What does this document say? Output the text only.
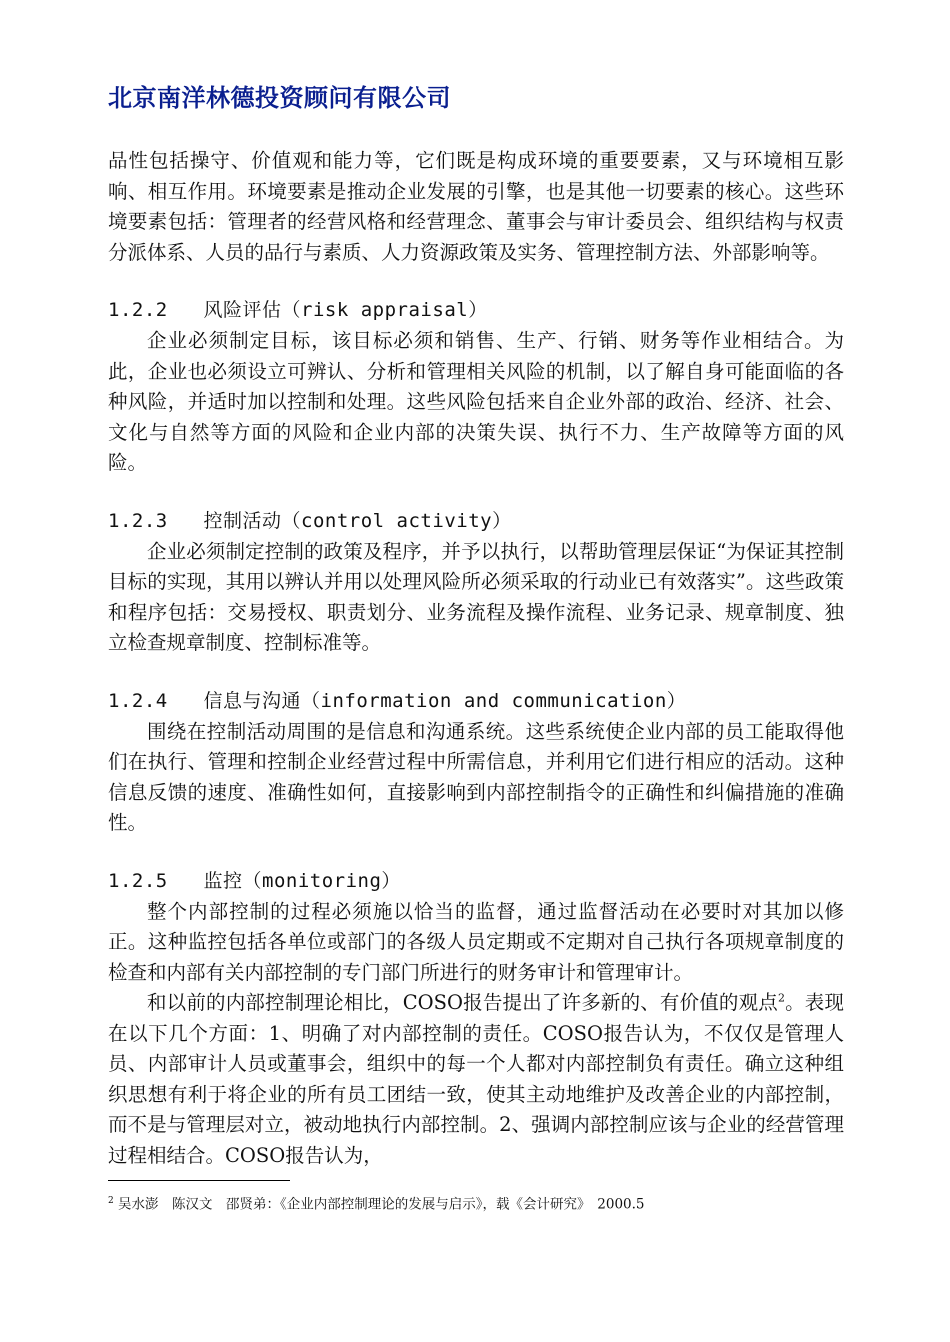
北京南洋林德投资顾问有限公司

品性包括操守、价值观和能力等，它们既是构成环境的重要要素，又与环境相互影响、相互作用。环境要素是推动企业发展的引擎，也是其他一切要素的核心。这些环境要素包括：管理者的经营风格和经营理念、董事会与审计委员会、组织结构与权责分派体系、人员的品行与素质、人力资源政策及实务、管理控制方法、外部影响等。

1.2.2 风险评估（risk appraisal）

企业必须制定目标，该目标必须和销售、生产、行销、财务等作业相结合。为此，企业也必须设立可辨认、分析和管理相关风险的机制，以了解自身可能面临的各种风险，并适时加以控制和处理。这些风险包括来自企业外部的政治、经济、社会、文化与自然等方面的风险和企业内部的决策失误、执行不力、生产故障等方面的风险。

1.2.3 控制活动（control activity）

企业必须制定控制的政策及程序，并予以执行，以帮助管理层保证“为保证其控制目标的实现，其用以辨认并用以处理风险所必须采取的行动业已有效落实”。这些政策和程序包括：交易授权、职责划分、业务流程及操作流程、业务记录、规章制度、独立检查规章制度、控制标准等。

1.2.4 信息与沟通（information and communication）

围绕在控制活动周围的是信息和沟通系统。这些系统使企业内部的员工能取得他们在执行、管理和控制企业经营过程中所需信息，并利用它们进行相应的活动。这种信息反馈的速度、准确性如何，直接影响到内部控制指令的正确性和纠偏措施的准确性。

1.2.5 监控（monitoring）

整个内部控制的过程必须施以恰当的监督，通过监督活动在必要时对其加以修正。这种监控包括各单位或部门的各级人员定期或不定期对自己执行各项规章制度的检查和内部有关内部控制的专门部门所进行的财务审计和管理审计。

和以前的内部控制理论相比，COSO报告提出了许多新的、有价值的观点$^2$。表现在以下几个方面：1、明确了对内部控制的责任。COSO报告认为，不仅仅是管理人员、内部审计人员或董事会，组织中的每一个人都对内部控制负有责任。确立这种组织思想有利于将企业的所有员工团结一致，使其主动地维护及改善企业的内部控制，而不是与管理层对立，被动地执行内部控制。2、强调内部控制应该与企业的经营管理过程相结合。COSO报告认为，

$^2$ 吴水澎　陈汉文　邵贤弟：《企业内部控制理论的发展与启示》，载《会计研究》　2000.5
